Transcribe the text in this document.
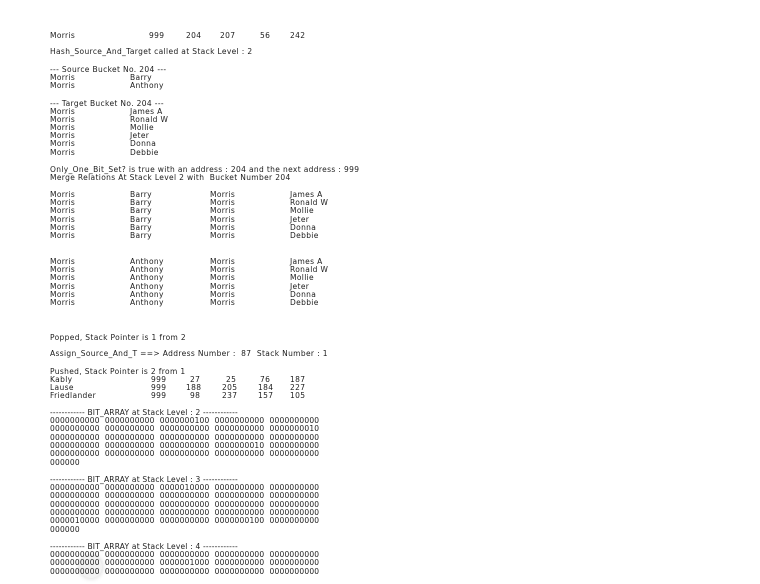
Morris	999	204 207	56	242
Hash_Source_And_Target called at Stack Level : 2
--- Source Bucket No. 204 ---
Morris	Barry
Morris	Anthony
--- Target Bucket No. 204 ---
Morris	James A
Morris	Ronald W
Morris	Mollie
Morris	Jeter
Morris	Donna
Morris	Debbie
Only_One_Bit_Set? is true with an address : 204 and the next address : 999
Merge Relations At Stack Level 2 with  Bucket Number 204
Morris	Barry	Morris	James A
Morris	Barry	Morris	Ronald W
Morris	Barry	Morris	Mollie
Morris	Barry	Morris	Jeter
Morris	Barry	Morris	Donna
Morris	Barry	Morris	Debbie
Morris	Anthony	Morris	James A
Morris	Anthony	Morris	Ronald W
Morris	Anthony	Morris	Mollie
Morris	Anthony	Morris	Jeter
Morris	Anthony	Morris	Donna
Morris	Anthony	Morris	Debbie
Popped, Stack Pointer is 1 from 2
Assign_Source_And_T ==> Address Number :  87  Stack Number : 1
Pushed, Stack Pointer is 2 from 1
Kably	999	27	25	76	187
Lause	999	188	205	184 227
Friedlander	999	98	237	157 105
------------ BIT_ARRAY at Stack Level : 2 ------------
0000000000  0000000000  0000000100  0000000000  0000000000
0000000000  0000000000  0000000000  0000000000  0000000010
0000000000  0000000000  0000000000  0000000000  0000000000
0000000000  0000000000  0000000000  0000000010  0000000000
0000000000  0000000000  0000000000  0000000000  0000000000
000000
------------ BIT_ARRAY at Stack Level : 3 ------------
0000000000  0000000000  0000010000  0000000000  0000000000
0000000000  0000000000  0000000000  0000000000  0000000000
0000000000  0000000000  0000000000  0000000000  0000000000
0000000000  0000000000  0000000000  0000000000  0000000000
0000010000  0000000000  0000000000  0000000100  0000000000
000000
------------ BIT_ARRAY at Stack Level : 4 ------------
0000000000  0000000000  0000000000  0000000000  0000000000
0000000000  0000000000  0000001000  0000000000  0000000000
0000000000  0000000000  0000000000  0000000000  0000000000
